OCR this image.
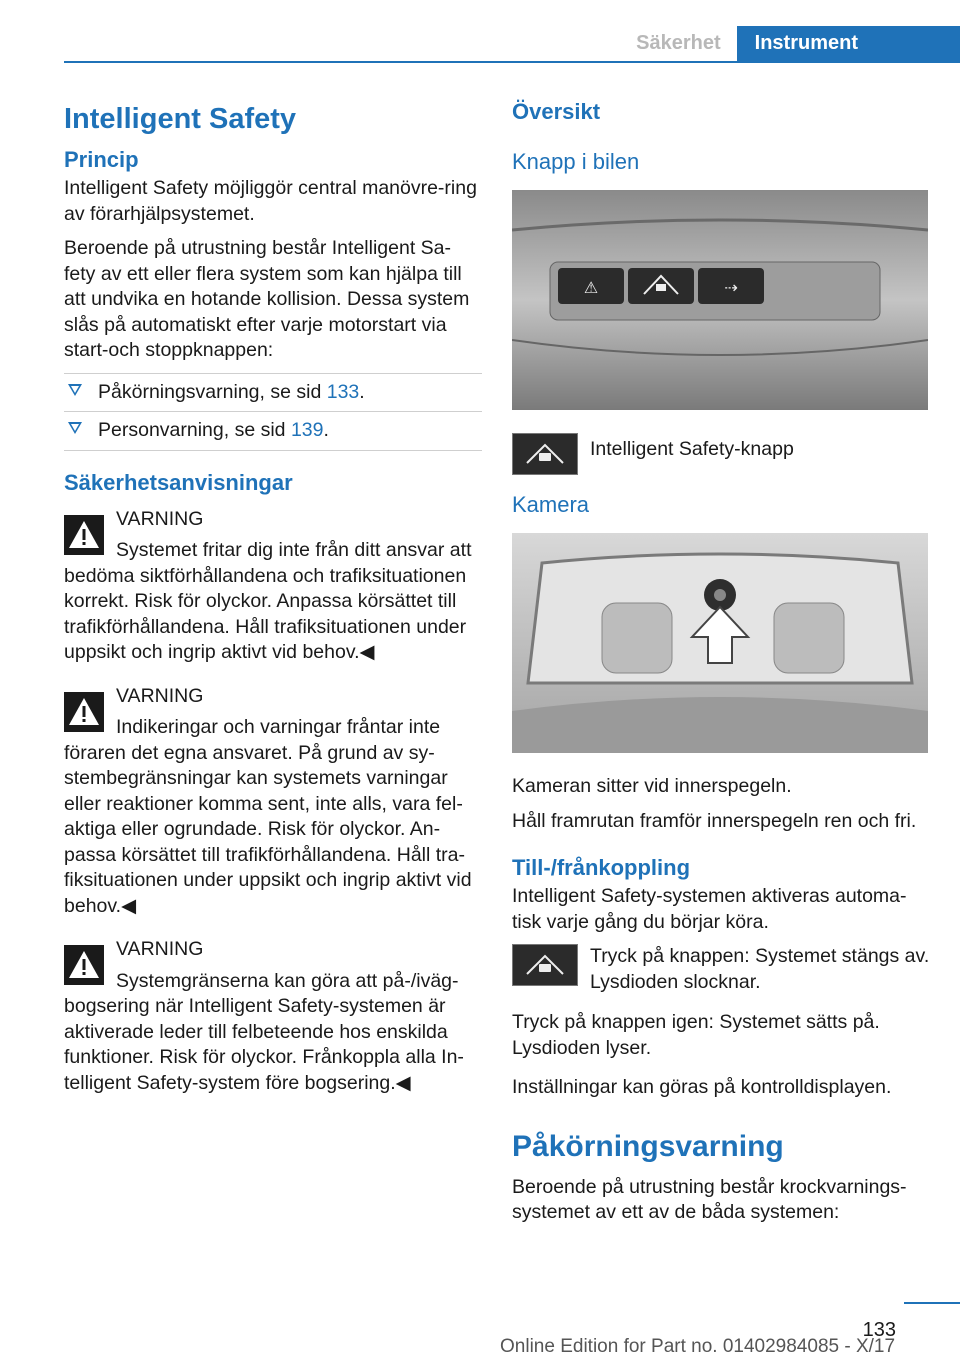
Säkerhet	Instrument
Intelligent Safety
Princip

Intelligent Safety möjliggör central manövre-ring av förarhjälpsystemet.

Beroende på utrustning består Intelligent Sa-fety av ett eller flera system som kan hjälpa till att undvika en hotande kollision. Dessa system slås på automatiskt efter varje motorstart via start-och stoppknappen:

Påkörningsvarning, se sid 133.
Personvarning, se sid 139.
Säkerhetsanvisningar

VARNING

Systemet fritar dig inte från ditt ansvar att bedöma siktförhållandena och trafiksituationen korrekt. Risk för olyckor. Anpassa körsättet till trafikförhållandena. Håll trafiksituationen under uppsikt och ingrip aktivt vid behov.◀

VARNING

Indikeringar och varningar fråntar inte föraren det egna ansvaret. På grund av sy-stembegränsningar kan systemets varningar eller reaktioner komma sent, inte alls, vara fel-aktiga eller ogrundade. Risk för olyckor. An-passa körsättet till trafikförhållandena. Håll tra-fiksituationen under uppsikt och ingrip aktivt vid behov.◀

VARNING

Systemgränserna kan göra att på-/iväg-bogsering när Intelligent Safety-systemen är aktiverade leder till felbeteende hos enskilda funktioner. Risk för olyckor. Frånkoppla alla In-telligent Safety-system före bogsering.◀

Översikt
Knapp i bilen
⚠	⇢

Intelligent Safety-knapp

Kamera

Kameran sitter vid innerspegeln.

Håll framrutan framför innerspegeln ren och fri.

Till-/frånkoppling

Intelligent Safety-systemen aktiveras automa-tisk varje gång du börjar köra.

Tryck på knappen: Systemet stängs av. Lysdioden slocknar.

Tryck på knappen igen: Systemet sätts på. Lysdioden lyser.

Inställningar kan göras på kontrolldisplayen.

Påkörningsvarning

Beroende på utrustning består krockvarnings-systemet av ett av de båda systemen:

133
Online Edition for Part no. 01402984085 - X/17
